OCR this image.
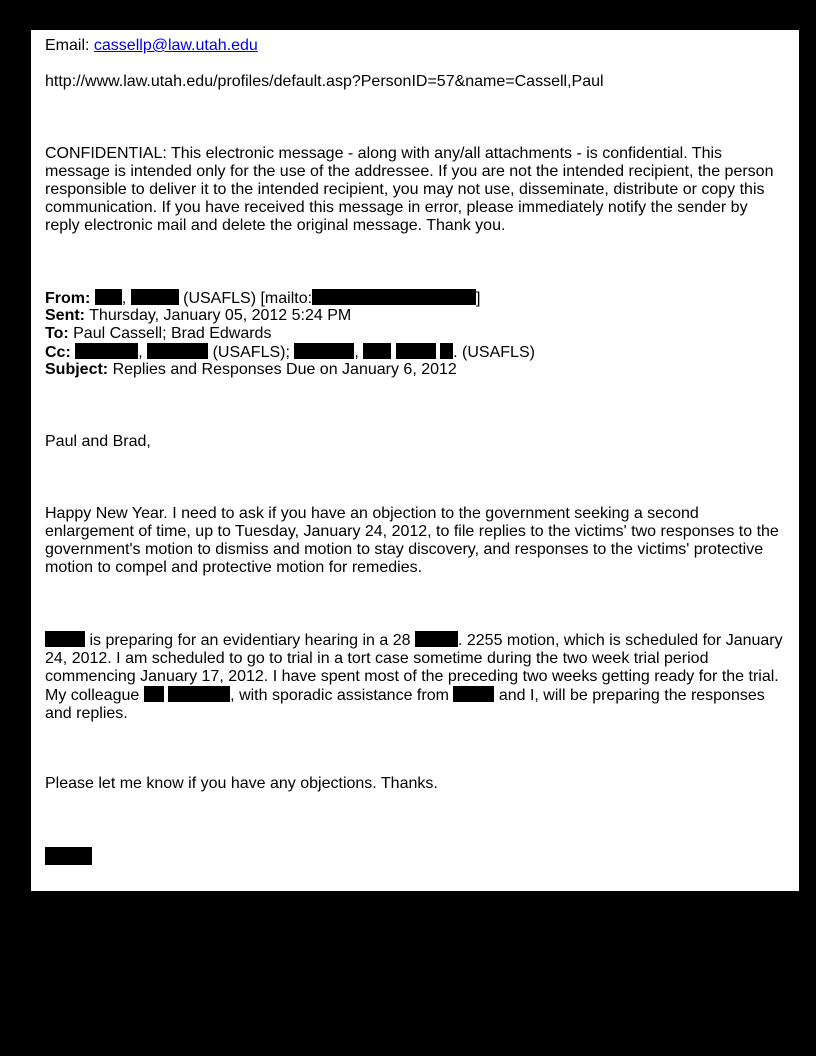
Email: cassellp@law.utah.edu
http://www.law.utah.edu/profiles/default.asp?PersonID=57&name=Cassell,Paul
CONFIDENTIAL: This electronic message - along with any/all attachments - is confidential. This message is intended only for the use of the addressee. If you are not the intended recipient, the person responsible to deliver it to the intended recipient, you may not use, disseminate, distribute or copy this communication. If you have received this message in error, please immediately notify the sender by reply electronic mail and delete the original message. Thank you.
From: ,	(USAFLS) [mailto:	]
Sent: Thursday, January 05, 2012 5:24 PM
To: Paul Cassell; Brad Edwards
Cc:	,	(USAFLS);	,	. (USAFLS)
Subject: Replies and Responses Due on January 6, 2012
Paul and Brad,
Happy New Year. I need to ask if you have an objection to the government seeking a second enlargement of time, up to Tuesday, January 24, 2012, to file replies to the victims' two responses to the government's motion to dismiss and motion to stay discovery, and responses to the victims' protective motion to compel and protective motion for remedies.
is preparing for an evidentiary hearing in a 28	. 2255 motion, which is scheduled for January 24, 2012. I am scheduled to go to trial in a tort case sometime during the two week trial period commencing January 17, 2012. I have spent most of the preceding two weeks getting ready for the trial. My colleague	, with sporadic assistance from	and I, will be preparing the responses and replies.
Please let me know if you have any objections. Thanks.
